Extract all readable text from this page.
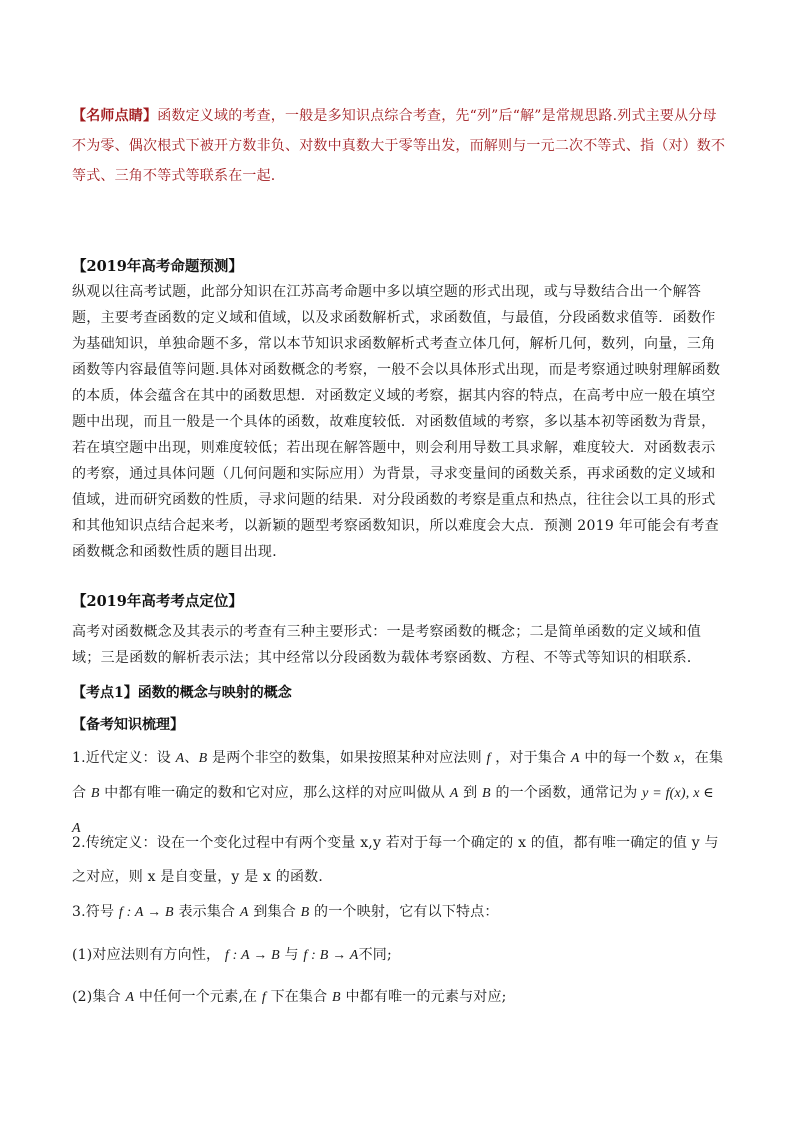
【名师点睛】函数定义域的考查，一般是多知识点综合考查，先“列”后“解”是常规思路.列式主要从分母不为零、偶次根式下被开方数非负、对数中真数大于零等出发，而解则与一元二次不等式、指（对）数不等式、三角不等式等联系在一起.
【2019年高考命题预测】
纵观以往高考试题，此部分知识在江苏高考命题中多以填空题的形式出现，或与导数结合出一个解答题，主要考查函数的定义域和值域，以及求函数解析式，求函数值，与最值，分段函数求值等．函数作为基础知识，单独命题不多，常以本节知识求函数解析式考查立体几何，解析几何，数列，向量，三角函数等内容最值等问题.具体对函数概念的考察，一般不会以具体形式出现，而是考察通过映射理解函数的本质，体会蕴含在其中的函数思想．对函数定义域的考察，据其内容的特点，在高考中应一般在填空题中出现，而且一般是一个具体的函数，故难度较低．对函数值域的考察，多以基本初等函数为背景，若在填空题中出现，则难度较低；若出现在解答题中，则会利用导数工具求解，难度较大．对函数表示的考察，通过具体问题（几何问题和实际应用）为背景，寻求变量间的函数关系，再求函数的定义域和值域，进而研究函数的性质，寻求问题的结果．对分段函数的考察是重点和热点，往往会以工具的形式和其他知识点结合起来考，以新颖的题型考察函数知识，所以难度会大点．预测 2019 年可能会有考查函数概念和函数性质的题目出现．
【2019年高考考点定位】
高考对函数概念及其表示的考查有三种主要形式：一是考察函数的概念；二是简单函数的定义域和值域；三是函数的解析表示法；其中经常以分段函数为载体考察函数、方程、不等式等知识的相联系．
【考点1】函数的概念与映射的概念
【备考知识梳理】
1.近代定义：设 A、B 是两个非空的数集，如果按照某种对应法则 f ，对于集合 A 中的每一个数 x，在集合 B 中都有唯一确定的数和它对应，那么这样的对应叫做从 A 到 B 的一个函数，通常记为 y = f(x), x ∈ A
2.传统定义：设在一个变化过程中有两个变量 x,y 若对于每一个确定的 x 的值，都有唯一确定的值 y 与之对应，则 x 是自变量，y 是 x 的函数．
3.符号 f : A → B 表示集合 A 到集合 B 的一个映射，它有以下特点：
(1)对应法则有方向性， f : A → B 与 f : B → A不同;
(2)集合 A 中任何一个元素,在 f 下在集合 B 中都有唯一的元素与对应;
